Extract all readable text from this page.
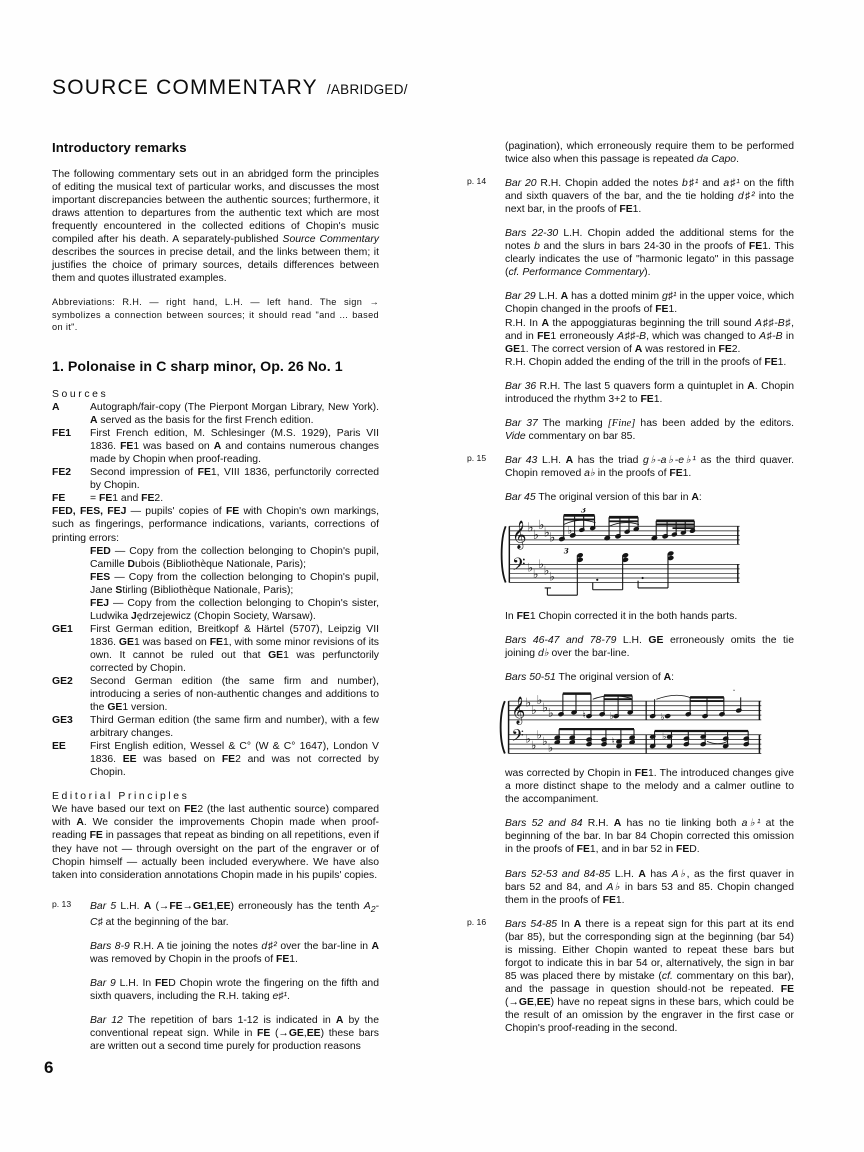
SOURCE COMMENTARY /ABRIDGED/
Introductory remarks

The following commentary sets out in an abridged form the principles of editing the musical text of particular works, and discusses the most important discrepancies between the authentic sources; furthermore, it draws attention to departures from the authentic text which are most frequently encountered in the collected editions of Chopin's music compiled after his death. A separately-published Source Commentary describes the sources in precise detail, and the links between them; it justifies the choice of primary sources, details differences between them and quotes illustrated examples.

Abbreviations: R.H. — right hand, L.H. — left hand. The sign → symbolizes a connection between sources; it should read "and ... based on it".

1. Polonaise in C sharp minor, Op. 26 No. 1
Sources
A	Autograph/fair-copy (The Pierpont Morgan Library, New York). A served as the basis for the first French edition.
FE1	First French edition, M. Schlesinger (M.S. 1929), Paris VII 1836. FE1 was based on A and contains numerous changes made by Chopin when proof-reading.
FE2	Second impression of FE1, VIII 1836, perfunctorily corrected by Chopin.
FE	= FE1 and FE2.
FED, FES, FEJ — pupils' copies of FE with Chopin's own markings, such as fingerings, performance indications, variants, corrections of printing errors:
FED — Copy from the collection belonging to Chopin's pupil, Camille Dubois (Bibliothèque Nationale, Paris);
FES — Copy from the collection belonging to Chopin's pupil, Jane Stirling (Bibliothèque Nationale, Paris);
FEJ — Copy from the collection belonging to Chopin's sister, Ludwika Jędrzejewicz (Chopin Society, Warsaw).
GE1	First German edition, Breitkopf & Härtel (5707), Leipzig VII 1836. GE1 was based on FE1, with some minor revisions of its own. It cannot be ruled out that GE1 was perfunctorily corrected by Chopin.
GE2	Second German edition (the same firm and number), introducing a series of non-authentic changes and additions to the GE1 version.
GE3	Third German edition (the same firm and number), with a few arbitrary changes.
EE	First English edition, Wessel & C° (W & C° 1647), London V 1836. EE was based on FE2 and was not corrected by Chopin.
Editorial Principles

We have based our text on FE2 (the last authentic source) compared with A. We consider the improvements Chopin made when proof-reading FE in passages that repeat as binding on all repetitions, even if they have not — through oversight on the part of the engraver or of Chopin himself — actually been included everywhere. We have also taken into consideration annotations Chopin made in his pupils' copies.

p. 13 Bar 5 L.H. A (→FE→GE1,EE) erroneously has the tenth $A_2-C♯$ at the beginning of the bar.

Bars 8-9 R.H. A tie joining the notes d♯² over the bar-line in A was removed by Chopin in the proofs of FE1.

Bar 9 L.H. In FED Chopin wrote the fingering on the fifth and sixth quavers, including the R.H. taking e♯¹.

Bar 12 The repetition of bars 1-12 is indicated in A by the conventional repeat sign. While in FE (→GE,EE) these bars are written out a second time purely for production reasons

(pagination), which erroneously require them to be performed twice also when this passage is repeated da Capo.

p. 14 Bar 20 R.H. Chopin added the notes b♯¹ and a♯¹ on the fifth and sixth quavers of the bar, and the tie holding d♯² into the next bar, in the proofs of FE1.

Bars 22-30 L.H. Chopin added the additional stems for the notes b and the slurs in bars 24-30 in the proofs of FE1. This clearly indicates the use of "harmonic legato" in this passage (cf. Performance Commentary).

Bar 29 L.H. A has a dotted minim g♯¹ in the upper voice, which Chopin changed in the proofs of FE1.

R.H. In A the appoggiaturas beginning the trill sound A♯♯-B♯, and in FE1 erroneously A♯♯-B, which was changed to A♯-B in GE1. The correct version of A was restored in FE2.

R.H. Chopin added the ending of the trill in the proofs of FE1.

Bar 36 R.H. The last 5 quavers form a quintuplet in A. Chopin introduced the rhythm 3+2 to FE1.

Bar 37 The marking [Fine] has been added by the editors. Vide commentary on bar 85.

p. 15 Bar 43 L.H. A has the triad g♭-a♭-e♭¹ as the third quaver. Chopin removed a♭ in the proofs of FE1.

Bar 45 The original version of this bar in A:

𝄞
𝄢
♭ ♭
♭ ♭ ♭
♭ ♭
♭ ♭ ♭
3
3
♭

In FE1 Chopin corrected it in the both hands parts.

Bars 46-47 and 78-79 L.H. GE erroneously omits the tie joining d♭ over the bar-line.

Bars 50-51 The original version of A:

𝄞
𝄢
♭
♭
♭
♭ ♭
♭
♭
♭
♭
♭
♮ ♭	♭
♮	♭

was corrected by Chopin in FE1. The introduced changes give a more distinct shape to the melody and a calmer outline to the accompaniment.

Bars 52 and 84 R.H. A has no tie linking both a♭¹ at the beginning of the bar. In bar 84 Chopin corrected this omission in the proofs of FE1, and in bar 52 in FED.

Bars 52-53 and 84-85 L.H. A has A♭, as the first quaver in bars 52 and 84, and A♭ in bars 53 and 85. Chopin changed them in the proofs of FE1.

p. 16 Bars 54-85 In A there is a repeat sign for this part at its end (bar 85), but the corresponding sign at the beginning (bar 54) is missing. Either Chopin wanted to repeat these bars but forgot to indicate this in bar 54 or, alternatively, the sign in bar 85 was placed there by mistake (cf. commentary on this bar), and the passage in question should·not be repeated. FE (→GE,EE) have no repeat signs in these bars, which could be the result of an omission by the engraver in the first case or Chopin's proof-reading in the second.

6
